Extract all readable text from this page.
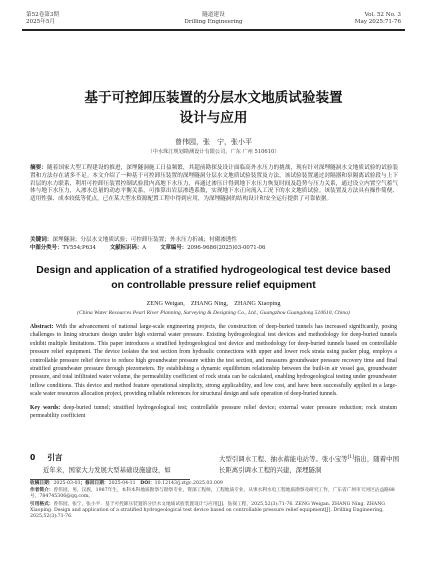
第52卷第3期
2025年5月
隧道建设
Drilling Engineering
Vol. 52 No. 3
May 2025:71-76
基于可控卸压装置的分层水文地质试验装置
设计与应用
曾伟园，张　宁，张小平
（中水珠江规划勘测设计有限公司，广东 广州 510610）
摘要：随着国家大型工程建设的推进，深埋隧洞施工日益频繁，其超前勘探及设计面临高外水压力的挑战，现有针对深埋隧洞水文地质试验的试验装置和方法存在诸多不足。本文介绍了一种基于可控卸压装置的深埋隧洞分层水文地质试验装置及方法，该试验装置通过封隔器和泵隔离试验段与上下岩层的水力联系，利用可控卸压装置控制试验段内高地下水压力，再通过渗压计得到地下水压力恢复时间及趋势与压力关系，通过设立内置空气蓄气体与地下水压力，入渗水总量的动态平衡关系，可推算出岩层渗透系数，实现地下水正向流入工况下的水文地质试验。该装置及方法具有操作简便、适用性强、成本较低等优点，已在某大型水资源配置工程中得到应用，为深埋隧洞的结构设计和安全运行提供了可靠依据。
关键词：深埋隧洞；分层水文地质试验；可控卸压装置；外水压力折减；衬砌渗透性
中图分类号：TV554;P634	文献标识码：A	文章编号：2096-9686(2025)03-0071-06
Design and application of a stratified hydrogeological test device based
on controllable pressure relief equipment
ZENG Weigan,　ZHANG Ning,　ZHANG Xiaoping
(China Water Resources Pearl River Planning, Surveying & Designing Co., Ltd., Guangzhou Guangdong 510610, China)
Abstract: With the advancement of national large-scale engineering projects, the construction of deep-buried tunnels has increased significantly, posing challenges to lining structure design under high external water pressure. Existing hydrogeological test devices and methodology for deep-buried tunnels exhibit multiple limitations. This paper introduces a stratified hydrogeological test device and methodology for deep-buried tunnels based on controllable pressure relief equipment. The device isolates the test section from hydraulic connections with upper and lower rock strata using packer plug, employs a controllable pressure relief device to reduce high groundwater pressure within the test section, and measures groundwater pressure recovery time and final stratified groundwater pressure through piezometers. By establishing a dynamic equilibrium relationship between the built-in air vessel gas, groundwater pressure, and total infiltrated water volume, the permeability coefficient of rock strata can be calculated, enabling hydrogeological testing under groundwater inflow conditions. This device and method feature operational simplicity, strong applicability, and low cost, and have been successfully applied in a large-scale water resources allocation project, providing reliable references for structural design and safe operation of deep-buried tunnels.
Key words: deep-buried tunnel; stratified hydrogeological test; controllable pressure relief device; external water pressure reduction; rock stratum permeability coefficient
0 引言
近年来，国家大力发展大型基础设施建设，如
大型引调水工程、抽水蓄能电站等。张小宝等[1]指出，随着中国长距离引调水工程的兴建，深埋隧洞
收稿日期：2025-03-03；修回日期：2025-04-11　DOI：10.12143/j.ztgc.2025.03.009
作者简介：曾伟园，男，汉族，1987年生，本科本科地质勘察与勘察专业，资深工程师，工程地质专业，从事水利水电工程地质勘察及研究工作，广东省广州市天河区沾益路88号，784745306@qq.com。
引用格式：曾伟园，张宁，张小平．基于可控卸压装置的分层水文地质试验装置设计与应用[J]．钻探工程，2025,52(3):71-76. ZENG Weigan, ZHANG Ning, ZHANG Xiaoping. Design and application of a stratified hydrogeological test device based on controllable pressure relief equipment[J]. Drilling Engineering, 2025,52(3):71-76.
